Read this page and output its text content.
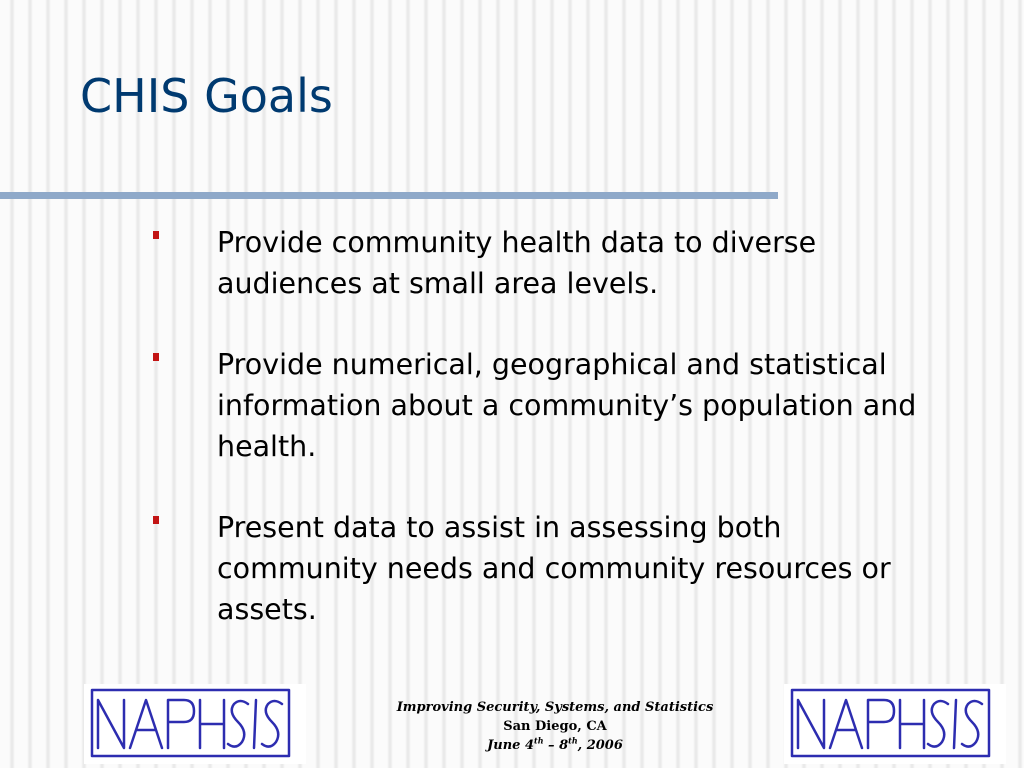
CHIS Goals
Provide community health data to diverse audiences at small area levels.
Provide numerical, geographical and statistical information about a community’s population and health.
Present data to assist in assessing both community needs and community resources or assets.
Improving Security, Systems, and Statistics
San Diego, CA
June 4th – 8th, 2006
